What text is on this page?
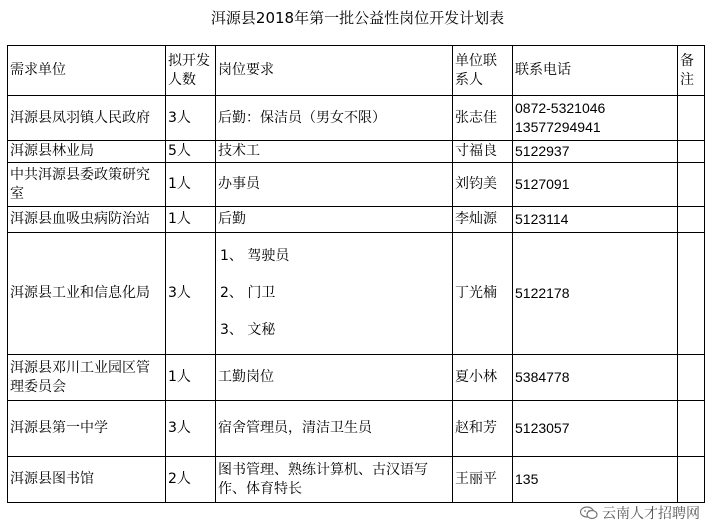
洱源县2018年第一批公益性岗位开发计划表
需求单位	拟开发人数	岗位要求	单位联系人	联系电话	备注
洱源县凤羽镇人民政府	3人	后勤：保洁员（男女不限）	张志佳	0872-5321046
13577294941	

洱源县林业局	5人	技术工	寸福良	5122937	
中共洱源县委政策研究室	1人	办事员	刘钧美	5127091	
洱源县血吸虫病防治站	1人	后勤	李灿源	5123114	
洱源县工业和信息化局	3人	1、 驾驶员
2、 门卫
3、 文秘	丁光楠	5122178	
洱源县邓川工业园区管理委员会	1人	工勤岗位	夏小林	5384778	
洱源县第一中学	3人	宿舍管理员，清洁卫生员	赵和芳	5123057	
洱源县图书馆	2人	图书管理、熟练计算机、古汉语写作、体育特长	王丽平	135	
云南人才招聘网
